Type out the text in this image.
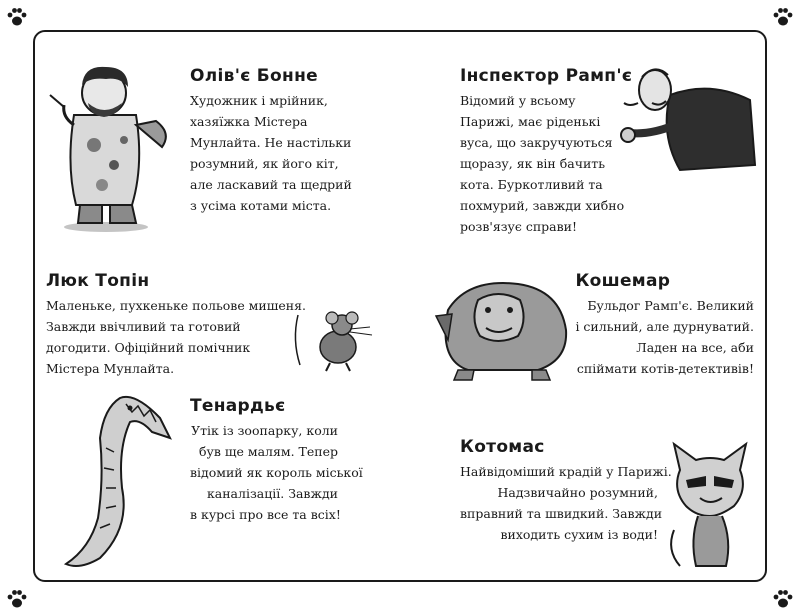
Олів'є Бонне
Художник і мрійник,
хазяїжка Містера
Мунлайта. Не настільки
розумний, як його кіт,
але ласкавий та щедрий
з усіма котами міста.
Інспектор Рамп'є
Відомий у всьому
Парижі, має ріденькі
вуса, що закручуються
щоразу, як він бачить
кота. Буркотливий та
похмурий, завжди хибно
розв'язує справи!
Люк Топін
Маленьке, пухкеньке польове мишеня.
Завжди ввічливий та готовий
догодити. Офіційний помічник
Містера Мунлайта.
Кошемар
Бульдог Рамп'є. Великий
і сильний, але дурнуватий.
Ладен на все, аби
спіймати котів-детективів!
Тенардьє
Утік із зоопарку, коли
був ще малям. Тепер
відомий як король міської
каналізації. Завжди
в курсі про все та всіх!
Котомас
Найвідоміший крадій у Парижі.
Надзвичайно розумний,
вправний та швидкий. Завжди
виходить сухим із води!
